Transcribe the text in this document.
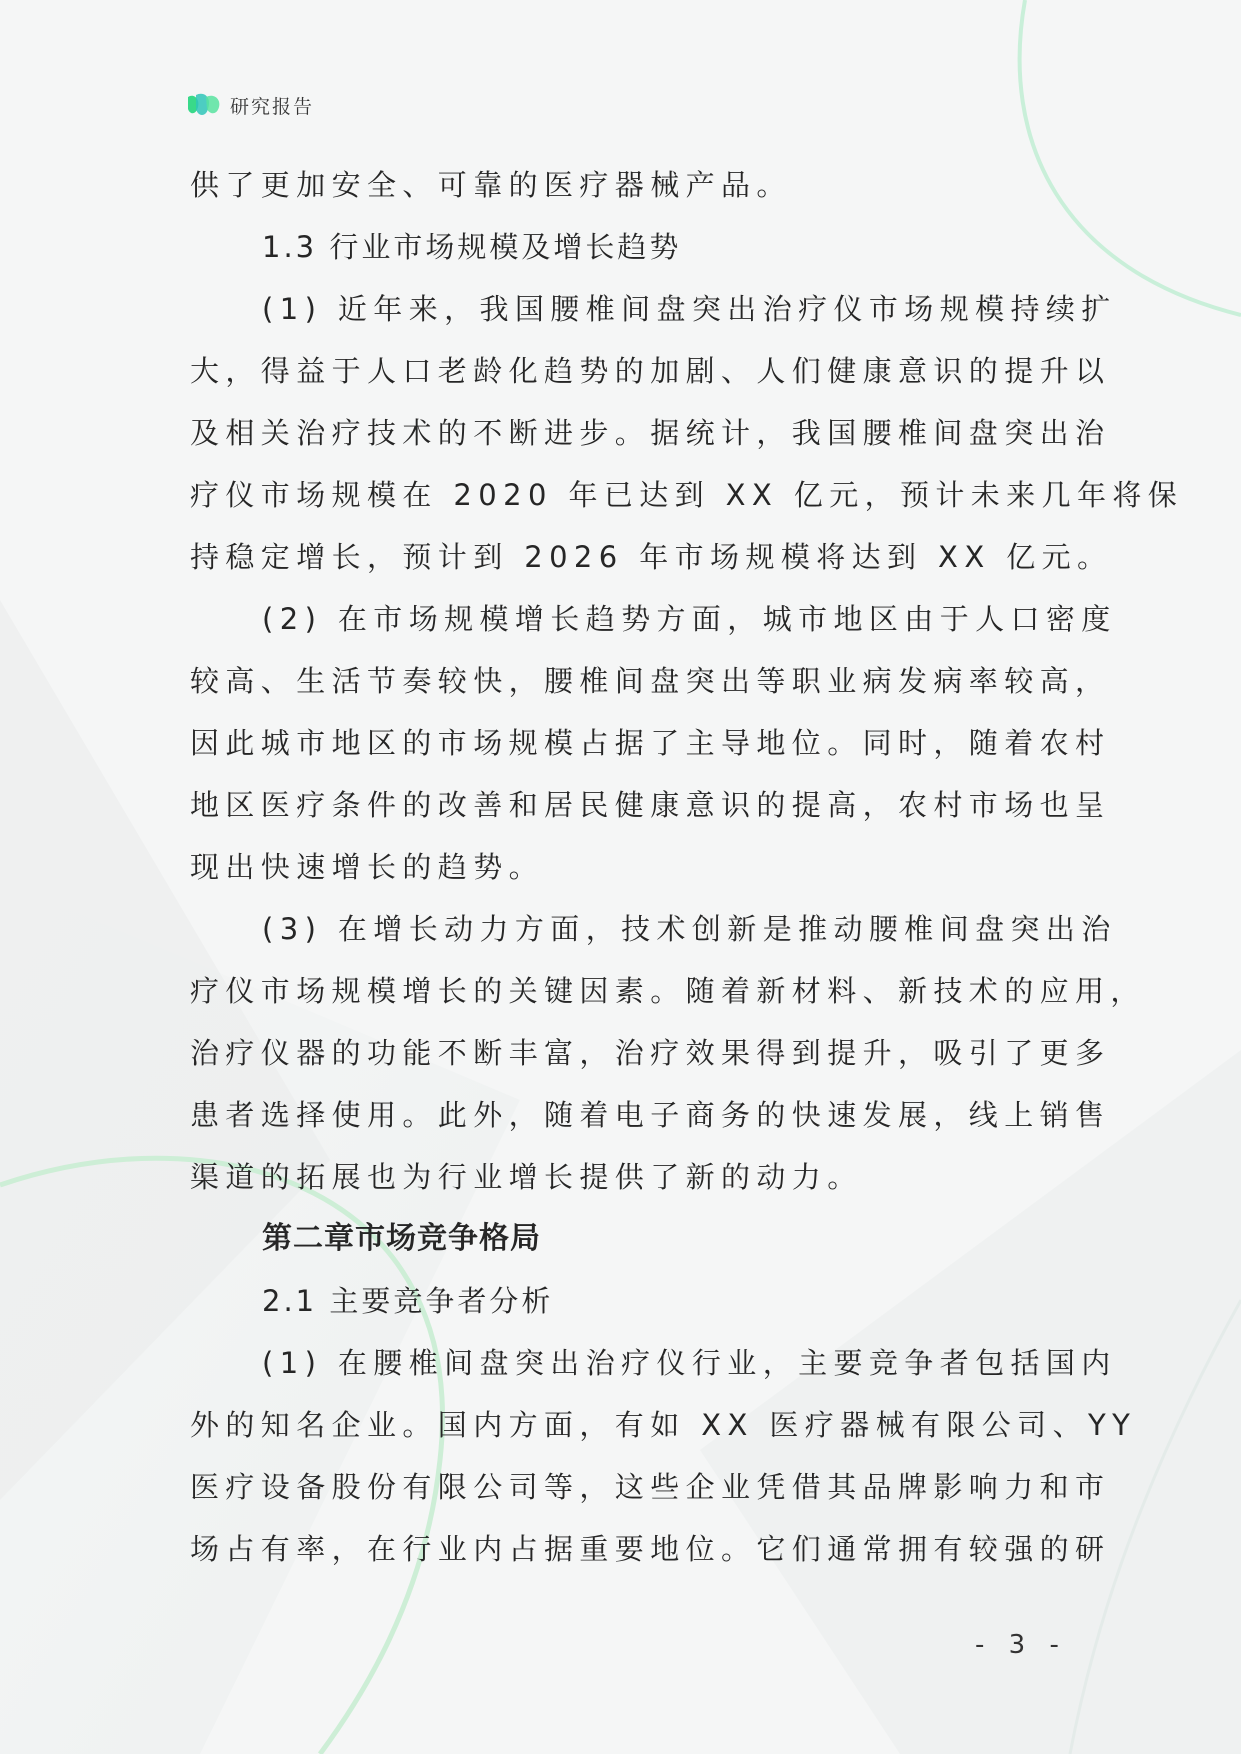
研究报告
供了更加安全、可靠的医疗器械产品。
1.3 行业市场规模及增长趋势
(1) 近年来，我国腰椎间盘突出治疗仪市场规模持续扩
大，得益于人口老龄化趋势的加剧、人们健康意识的提升以
及相关治疗技术的不断进步。据统计，我国腰椎间盘突出治
疗仪市场规模在 2020 年已达到 XX 亿元，预计未来几年将保
持稳定增长，预计到 2026 年市场规模将达到 XX 亿元。
(2) 在市场规模增长趋势方面，城市地区由于人口密度
较高、生活节奏较快，腰椎间盘突出等职业病发病率较高，
因此城市地区的市场规模占据了主导地位。同时，随着农村
地区医疗条件的改善和居民健康意识的提高，农村市场也呈
现出快速增长的趋势。
(3) 在增长动力方面，技术创新是推动腰椎间盘突出治
疗仪市场规模增长的关键因素。随着新材料、新技术的应用，
治疗仪器的功能不断丰富，治疗效果得到提升，吸引了更多
患者选择使用。此外，随着电子商务的快速发展，线上销售
渠道的拓展也为行业增长提供了新的动力。
第二章市场竞争格局
2.1 主要竞争者分析
(1) 在腰椎间盘突出治疗仪行业，主要竞争者包括国内
外的知名企业。国内方面，有如 XX 医疗器械有限公司、YY
医疗设备股份有限公司等，这些企业凭借其品牌影响力和市
场占有率，在行业内占据重要地位。它们通常拥有较强的研
- 3 -
